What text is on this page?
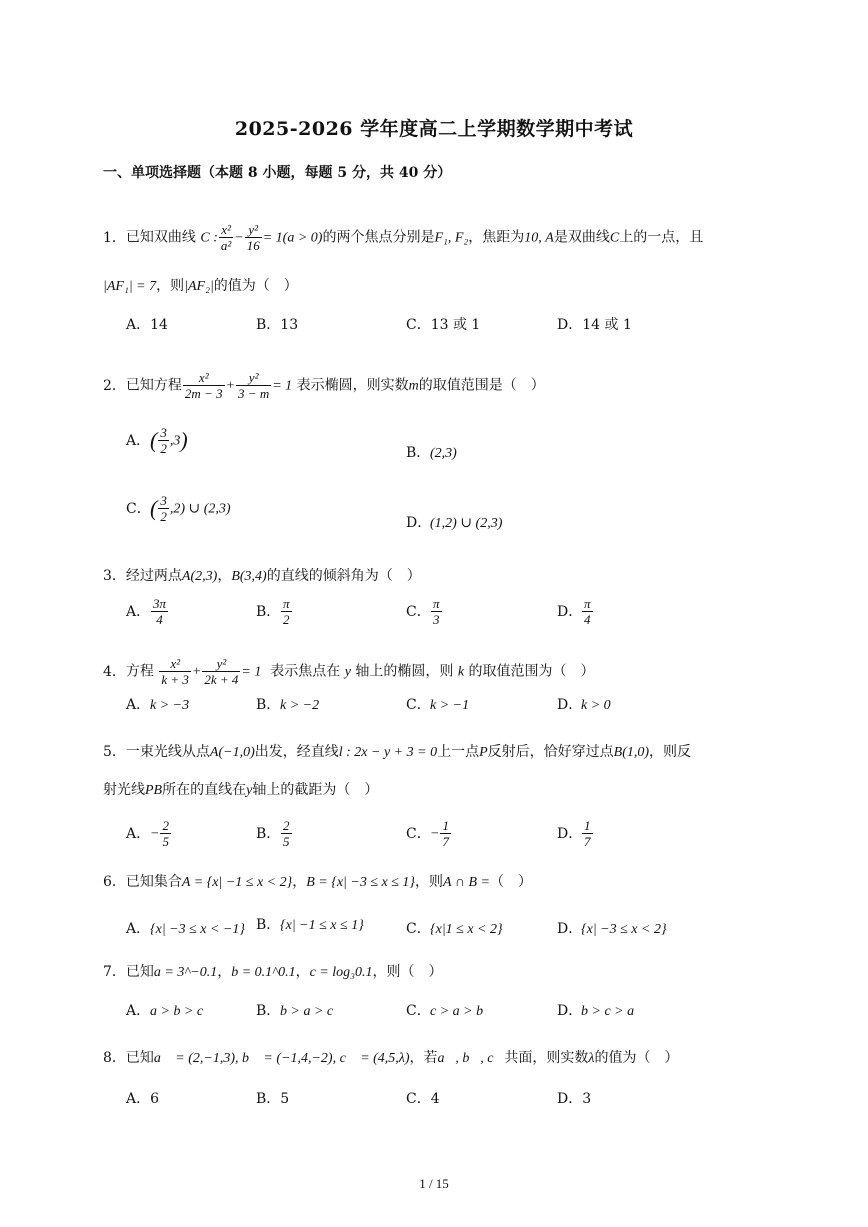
2025-2026 学年度高二上学期数学期中考试
一、单项选择题（本题 8 小题，每题 5 分，共 40 分）
1．已知双曲线 C : $\frac{\text{x²}}{\text{a²}} - \frac{\text{y²}}{16} = 1(a > 0)$的两个焦点分别是F₁, F₂，焦距为10, A是双曲线C上的一点，且
|AF₁| = 7，则|AF₂|的值为（　）
A．14	B．13	C．13 或 1	D．14 或 1
2．已知方程 $\frac{\text{x²}}{2m - 3} + \frac{\text{y²}}{3 - m} = 1$ 表示椭圆，则实数m的取值范围是（　）
A．( $\frac{3}{2} ,3$)
B．(2,3)
C．( $\frac{3}{2} ,2$) ∪ (2,3)
D．(1,2) ∪ (2,3)
3．经过两点A(2,3)，B(3,4)的直线的倾斜角为（　）
A． $\frac{3\pi}{4}$	B． $\frac{\pi}{2}$	C． $\frac{\pi}{3}$	D． $\frac{\pi}{4}$
4．方程 $\frac{\text{x²}}{k + 3} + \frac{\text{y²}}{2k + 4} = 1$ 表示焦点在 y 轴上的椭圆，则 k 的取值范围为（　）
A．k > −3	B．k > −2	C．k > −1	D．k > 0
5．一束光线从点A(−1,0)出发，经直线l : 2x − y + 3 = 0上一点P反射后，恰好穿过点B(1,0)，则反
射光线PB所在的直线在y轴上的截距为（　）
A．− $\frac{2}{5}$	B． $\frac{2}{5}$	C．− $\frac{1}{7}$	D． $\frac{1}{7}$
6．已知集合A = {x| −1 ≤ x < 2}，B = {x| −3 ≤ x ≤ 1}，则A ∩ B =（　）
A．{x| −3 ≤ x < −1} B．{x| −1 ≤ x ≤ 1}	C．{x|1 ≤ x < 2}	D．{x| −3 ≤ x < 2}
7．已知a = 3^−0.1，b = 0.1^0.1，c = log₃0.1，则（　）
A．a > b > c	B．b > a > c	C．c > a > b	D．b > c > a
8．已知a⃗ = (2,−1,3), b⃗ = (−1,4,−2), c⃗ = (4,5,λ)，若a⃗, b⃗, c⃗共面，则实数λ的值为（　）
A．6	B．5	C．4	D．3
1 / 15
